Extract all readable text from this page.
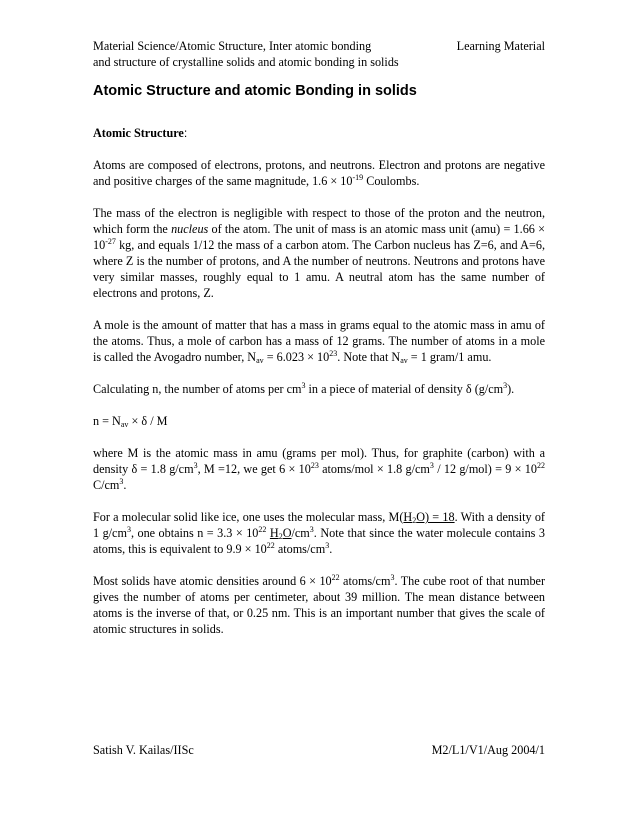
Material Science/Atomic Structure, Inter atomic bonding
and structure of crystalline solids and atomic bonding in solids
Learning Material
Atomic Structure and atomic Bonding in solids

Atomic Structure:

Atoms are composed of electrons, protons, and neutrons. Electron and protons are negative and positive charges of the same magnitude, $1.6 \times 10^{-19}$ Coulombs.

The mass of the electron is negligible with respect to those of the proton and the neutron, which form the nucleus of the atom. The unit of mass is an atomic mass unit $(amu) = 1.66 \times 10^{-27}$ kg, and equals 1/12 the mass of a carbon atom. The Carbon nucleus has Z=6, and A=6, where Z is the number of protons, and A the number of neutrons. Neutrons and protons have very similar masses, roughly equal to 1 amu. A neutral atom has the same number of electrons and protons, Z.

A mole is the amount of matter that has a mass in grams equal to the atomic mass in amu of the atoms. Thus, a mole of carbon has a mass of 12 grams. The number of atoms in a mole is called the Avogadro number, $N_{av} = 6.023 \times 10^{23}$. Note that $N_{av} = 1$ gram/1 amu.

Calculating n, the number of atoms per $cm^3$ in a piece of material of density δ $(g/cm^3)$.

$n = N_{av} \times \delta / M$

where M is the atomic mass in amu (grams per mol). Thus, for graphite (carbon) with a density δ = 1.8 $g/cm^3$, M =12, we get $6 \times 10^{23}$ atoms/mol × 1.8 $g/cm^3 / 12$ $g/mol) = 9 \times 10^{22}$ $C/cm^3$.

For a molecular solid like ice, one uses the molecular mass, $M(H_2O) = 18$. With a density of 1 $g/cm^3$, one obtains $n = 3.3 \times 10^{22}$ $H_2O/cm^3$. Note that since the water molecule contains 3 atoms, this is equivalent to $9.9 \times 10^{22}$ atoms/$cm^3$.

Most solids have atomic densities around $6 \times 10^{22}$ atoms/$cm^3$. The cube root of that number gives the number of atoms per centimeter, about 39 million. The mean distance between atoms is the inverse of that, or 0.25 nm. This is an important number that gives the scale of atomic structures in solids.

Satish V. Kailas/IISc	M2/L1/V1/Aug 2004/1
